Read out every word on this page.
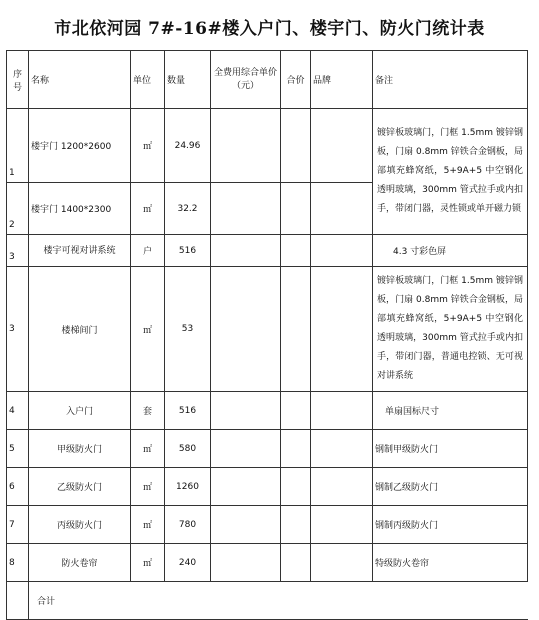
市北依河园 7#-16#楼入户门、楼宇门、防火门统计表
序号	名称	单位	数量	全费用综合单价（元）	合价	品牌	备注
1	楼宇门 1200*2600	㎡	24.96				镀锌板玻璃门，门框 1.5mm 镀锌钢板，门扇 0.8mm 锌铁合金钢板，局部填充蜂窝纸，5+9A+5 中空钢化透明玻璃，300mm 管式拉手或内扣手，带闭门器，灵性锁或单开磁力锁
2	楼宇门 1400*2300	㎡	32.2				
3	楼宇可视对讲系统	户	516				4.3 寸彩色屏
3	楼梯间门	㎡	53				镀锌板玻璃门，门框 1.5mm 镀锌钢板，门扇 0.8mm 锌铁合金钢板，局部填充蜂窝纸，5+9A+5 中空钢化透明玻璃，300mm 管式拉手或内扣手，带闭门器，普通电控锁、无可视对讲系统
4	入户门	套	516				单扇国标尺寸
5	甲级防火门	㎡	580				钢制甲级防火门
6	乙级防火门	㎡	1260				钢制乙级防火门
7	丙级防火门	㎡	780				钢制丙级防火门
8	防火卷帘	㎡	240				特级防火卷帘
	合计						
